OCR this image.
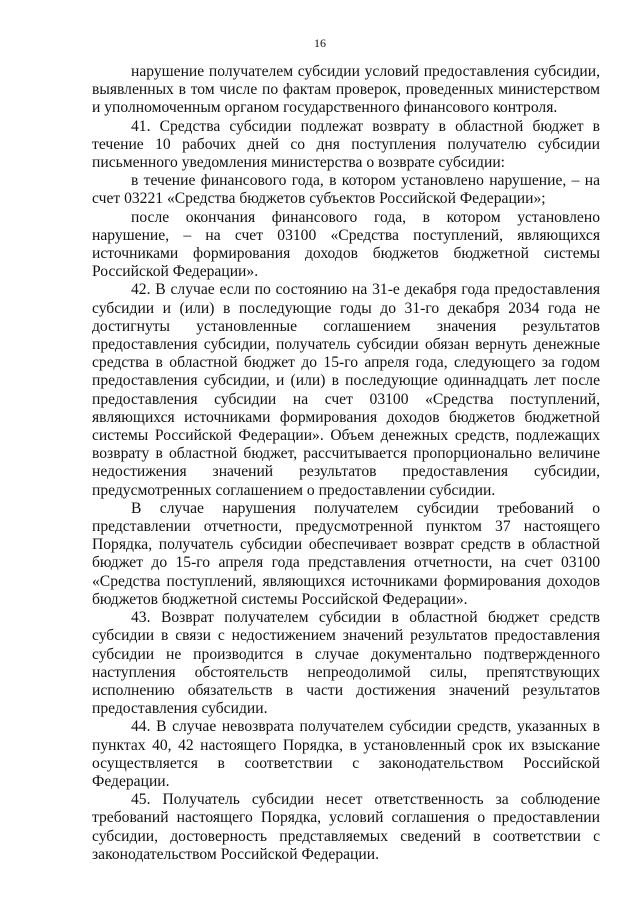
16

нарушение получателем субсидии условий предоставления субсидии, выявленных в том числе по фактам проверок, проведенных министерством и уполномоченным органом государственного финансового контроля.

41. Средства субсидии подлежат возврату в областной бюджет в течение 10 рабочих дней со дня поступления получателю субсидии письменного уведомления министерства о возврате субсидии:

в течение финансового года, в котором установлено нарушение, – на счет 03221 «Средства бюджетов субъектов Российской Федерации»;

после окончания финансового года, в котором установлено нарушение, – на счет 03100 «Средства поступлений, являющихся источниками формирования доходов бюджетов бюджетной системы Российской Федерации».

42. В случае если по состоянию на 31-е декабря года предоставления субсидии и (или) в последующие годы до 31-го декабря 2034 года не достигнуты установленные соглашением значения результатов предоставления субсидии, получатель субсидии обязан вернуть денежные средства в областной бюджет до 15-го апреля года, следующего за годом предоставления субсидии, и (или) в последующие одиннадцать лет после предоставления субсидии на счет 03100 «Средства поступлений, являющихся источниками формирования доходов бюджетов бюджетной системы Российской Федерации». Объем денежных средств, подлежащих возврату в областной бюджет, рассчитывается пропорционально величине недостижения значений результатов предоставления субсидии, предусмотренных соглашением о предоставлении субсидии.

В случае нарушения получателем субсидии требований о представлении отчетности, предусмотренной пунктом 37 настоящего Порядка, получатель субсидии обеспечивает возврат средств в областной бюджет до 15-го апреля года представления отчетности, на счет 03100 «Средства поступлений, являющихся источниками формирования доходов бюджетов бюджетной системы Российской Федерации».

43. Возврат получателем субсидии в областной бюджет средств субсидии в связи с недостижением значений результатов предоставления субсидии не производится в случае документально подтвержденного наступления обстоятельств непреодолимой силы, препятствующих исполнению обязательств в части достижения значений результатов предоставления субсидии.

44. В случае невозврата получателем субсидии средств, указанных в пунктах 40, 42 настоящего Порядка, в установленный срок их взыскание осуществляется в соответствии с законодательством Российской Федерации.

45. Получатель субсидии несет ответственность за соблюдение требований настоящего Порядка, условий соглашения о предоставлении субсидии, достоверность представляемых сведений в соответствии с законодательством Российской Федерации.
